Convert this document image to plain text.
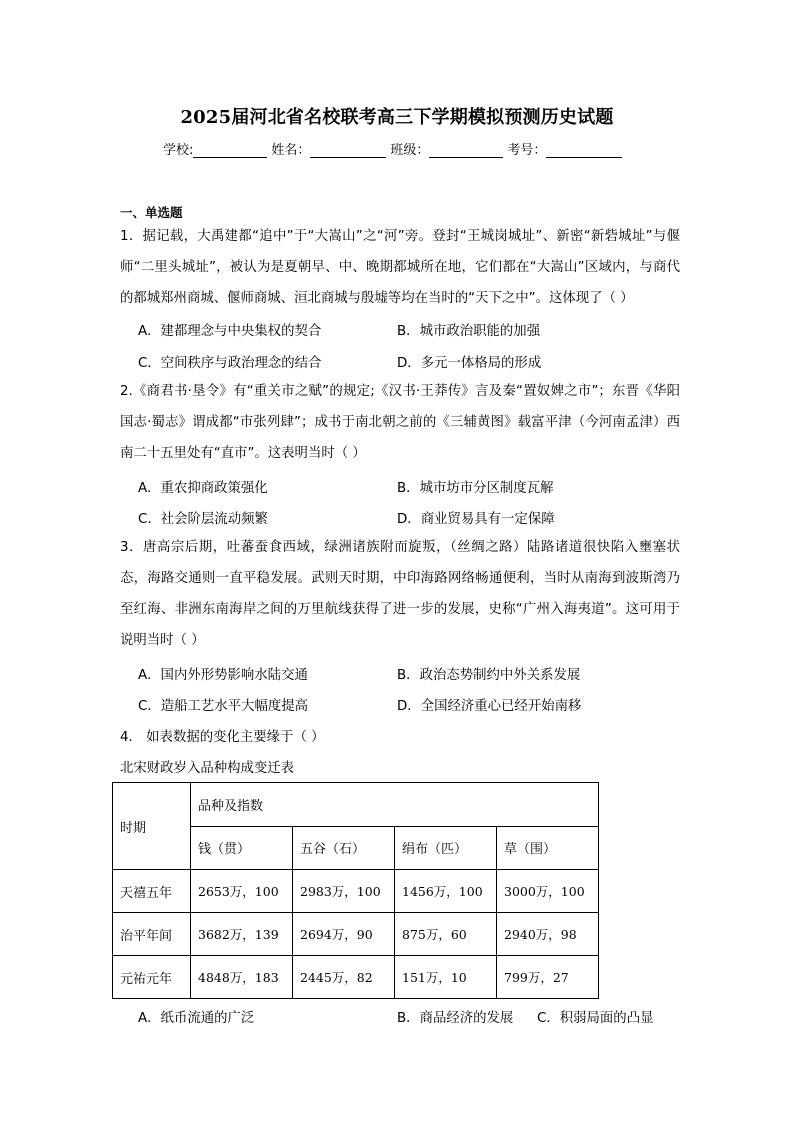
2025届河北省名校联考高三下学期模拟预测历史试题
学校:	姓名：	班级：	考号：
一、单选题
1．据记载，大禹建都“追中”于“大嵩山”之“河”旁。登封“王城岗城址”、新密“新砦城址”与偃师“二里头城址”，被认为是夏朝早、中、晚期都城所在地，它们都在“大嵩山”区域内，与商代的都城郑州商城、偃师商城、洹北商城与殷墟等均在当时的“天下之中”。这体现了（ ）
A．建都理念与中央集权的契合	B．城市政治职能的加强
C．空间秩序与政治理念的结合	D．多元一体格局的形成
2.《商君书·垦令》有“重关市之赋”的规定;《汉书·王莽传》言及秦“置奴婢之市”；东晋《华阳国志·蜀志》谓成都“市张列肆”；成书于南北朝之前的《三辅黄图》载富平津（今河南孟津）西南二十五里处有“直市”。这表明当时（ ）
A．重农抑商政策强化	B．城市坊市分区制度瓦解
C．社会阶层流动频繁	D．商业贸易具有一定保障
3．唐高宗后期，吐蕃蚕食西域，绿洲诸族附而旋叛，（丝绸之路）陆路诸道很快陷入壅塞状态，海路交通则一直平稳发展。武则天时期，中印海路网络畅通便利，当时从南海到波斯湾乃至红海、非洲东南海岸之间的万里航线获得了进一步的发展，史称“广州入海夷道”。这可用于说明当时（ ）
A．国内外形势影响水陆交通	B．政治态势制约中外关系发展
C．造船工艺水平大幅度提高	D．全国经济重心已经开始南移
4． 如表数据的变化主要缘于（ ）
北宋财政岁入品种构成变迁表
时期	品种及指数			
	钱（贯）	五谷（石）	绢布（匹）	草（围）
天禧五年	2653万，100	2983万，100	1456万，100	3000万，100
治平年间	3682万，139	2694万，90	875万，60	2940万，98
元祐元年	4848万，183	2445万，82	151万，10	799万，27
A．纸币流通的广泛	B．商品经济的发展 C．积弱局面的凸显
